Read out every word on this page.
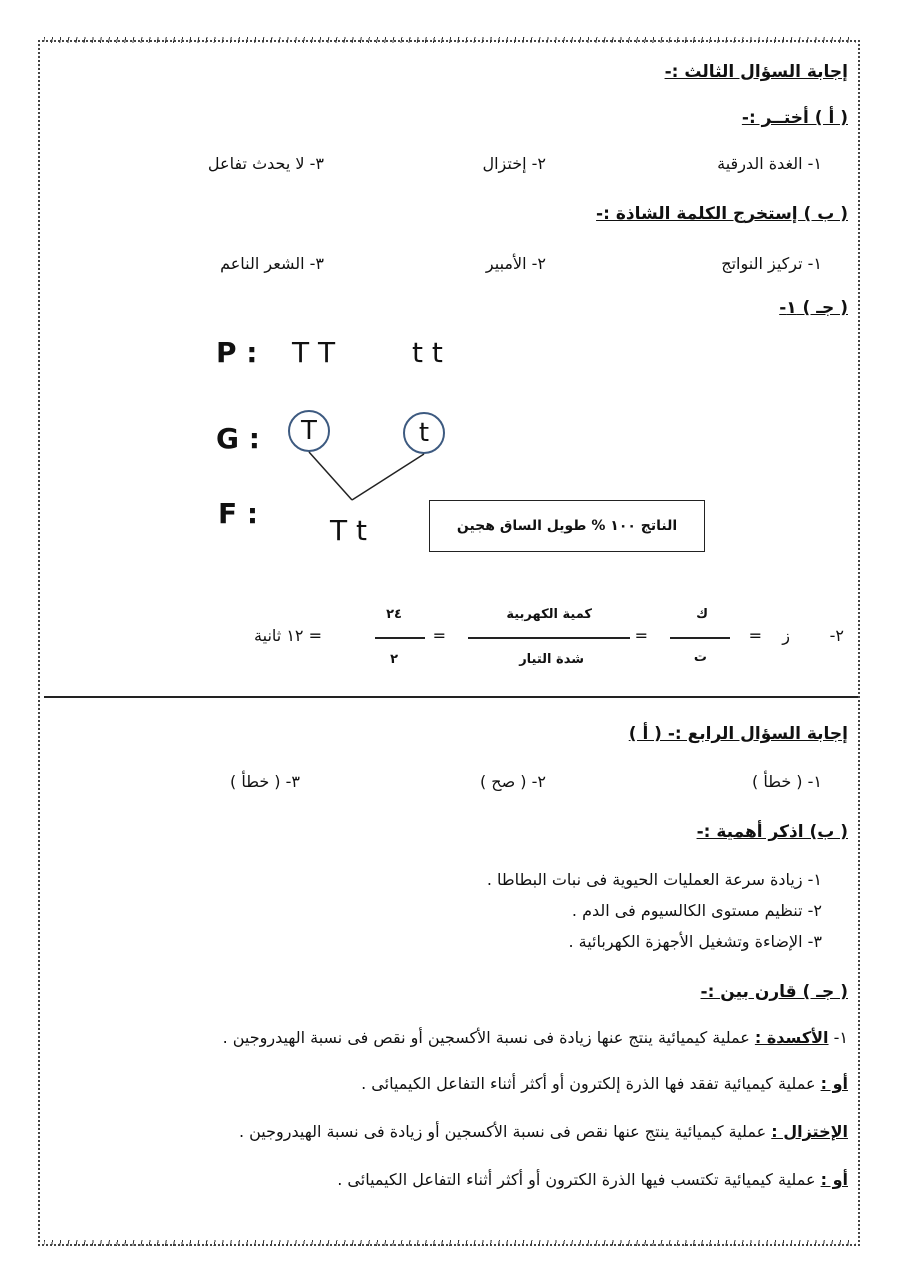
إجابة السؤال الثالث :-
( أ ) أختــر :-
١- الغدة الدرقية
٢- إختزال
٣- لا يحدث تفاعل
( ب ) إستخرج الكلمة الشاذة :-
١- تركيز النواتج
٢- الأمبير
٣- الشعر الناعم
( جـ ) ١-
P : T T	t t
G : T	t
F :
T t	الناتج ١٠٠ % طويل الساق هجين
٢-
ز
=
ك
ت
=
كمية الكهربية
شدة التيار
=
٢٤
٢
= ١٢ ثانية
إجابة السؤال الرابع :- ( أ )
١- ( خطأ )
٢- ( صح )
٣- ( خطأ )
( ب) اذكر أهمية :-
١- زيادة سرعة العمليات الحيوية فى نبات البطاطا .
٢- تنظيم مستوى الكالسيوم فى الدم .
٣- الإضاءة وتشغيل الأجهزة الكهربائية .
( جـ ) قارن بين :-
١- الأكسدة : عملية كيميائية ينتج عنها زيادة فى نسبة الأكسجين أو نقص فى نسبة الهيدروجين .
أو : عملية كيميائية تفقد فها الذرة إلكترون أو أكثر أثناء التفاعل الكيميائى .
الإختزال : عملية كيميائية ينتج عنها نقص فى نسبة الأكسجين أو زيادة فى نسبة الهيدروجين .
أو : عملية كيميائية تكتسب فيها الذرة الكترون أو أكثر أثناء التفاعل الكيميائى .
